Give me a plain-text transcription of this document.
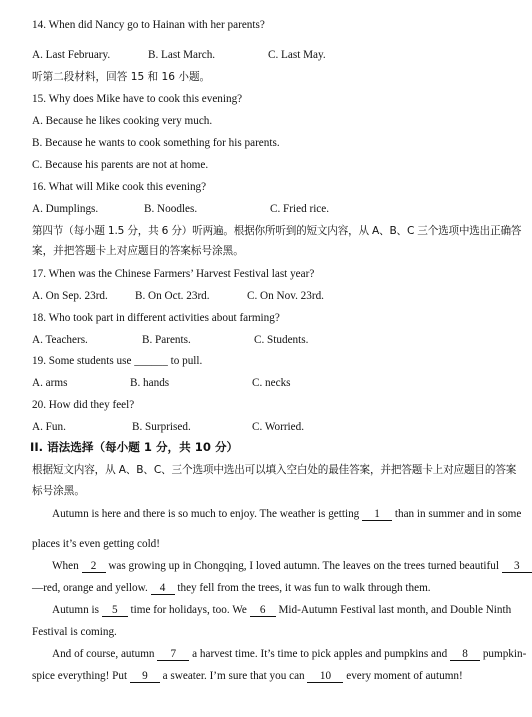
14. When did Nancy go to Hainan with her parents?
A. Last February.	B. Last March.	C. Last May.
听第二段材料，回答 15 和 16 小题。
15. Why does Mike have to cook this evening?
A. Because he likes cooking very much.
B. Because he wants to cook something for his parents.
C. Because his parents are not at home.
16. What will Mike cook this evening?
A. Dumplings.	B. Noodles.	C. Fried rice.
第四节（每小题 1.5 分，共 6 分）听两遍。根据你所听到的短文内容，从 A、B、C 三个选项中选出正确答
案，并把答题卡上对应题目的答案标号涂黑。
17. When was the Chinese Farmers’ Harvest Festival last year?
A. On Sep. 23rd. B. On Oct. 23rd.	C. On Nov. 23rd.
18. Who took part in different activities about farming?
A. Teachers.	B. Parents.	C. Students.
19. Some students use ______ to pull.
A. arms	B. hands	C. necks
20. How did they feel?
A. Fun.	B. Surprised.	C. Worried.
II. 语法选择（每小题 1 分，共 10 分）
根据短文内容，从 A、B、C、三个选项中选出可以填入空白处的最佳答案，并把答题卡上对应题目的答案
标号涂黑。
Autumn is here and there is so much to enjoy. The weather is getting 1 than in summer and in some
places it’s even getting cold!
When 2 was growing up in Chongqing, I loved autumn. The leaves on the trees turned beautiful 3
—red, orange and yellow. 4 they fell from the trees, it was fun to walk through them.
Autumn is 5 time for holidays, too. We 6 Mid-Autumn Festival last month, and Double Ninth
Festival is coming.
And of course, autumn 7 a harvest time. It’s time to pick apples and pumpkins and 8 pumpkin-
spice everything! Put 9 a sweater. I’m sure that you can 10 every moment of autumn!
